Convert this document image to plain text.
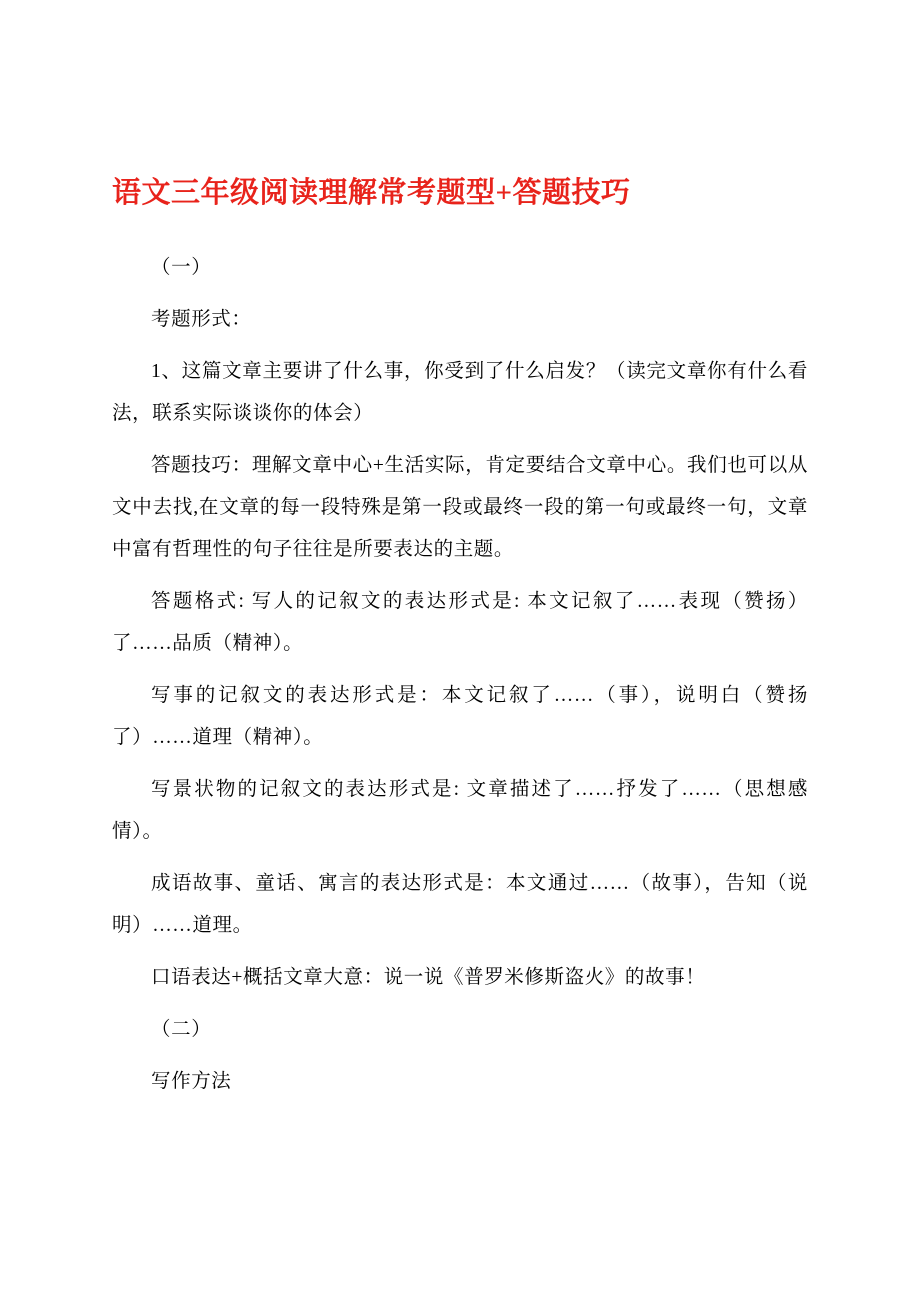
语文三年级阅读理解常考题型+答题技巧

（一）

考题形式：

1、这篇文章主要讲了什么事，你受到了什么启发？（读完文章你有什么看法，联系实际谈谈你的体会）

答题技巧：理解文章中心+生活实际，肯定要结合文章中心。我们也可以从文中去找,在文章的每一段特殊是第一段或最终一段的第一句或最终一句，文章中富有哲理性的句子往往是所要表达的主题。

答题格式: 写人的记叙文的表达形式是: 本文记叙了……表现（赞扬）了……品质（精神）。

写事的记叙文的表达形式是：本文记叙了……（事），说明白（赞扬了）……道理（精神）。

写景状物的记叙文的表达形式是: 文章描述了……抒发了……（思想感情）。

成语故事、童话、寓言的表达形式是：本文通过……（故事），告知（说明）……道理。

口语表达+概括文章大意：说一说《普罗米修斯盗火》的故事！

（二）

写作方法
